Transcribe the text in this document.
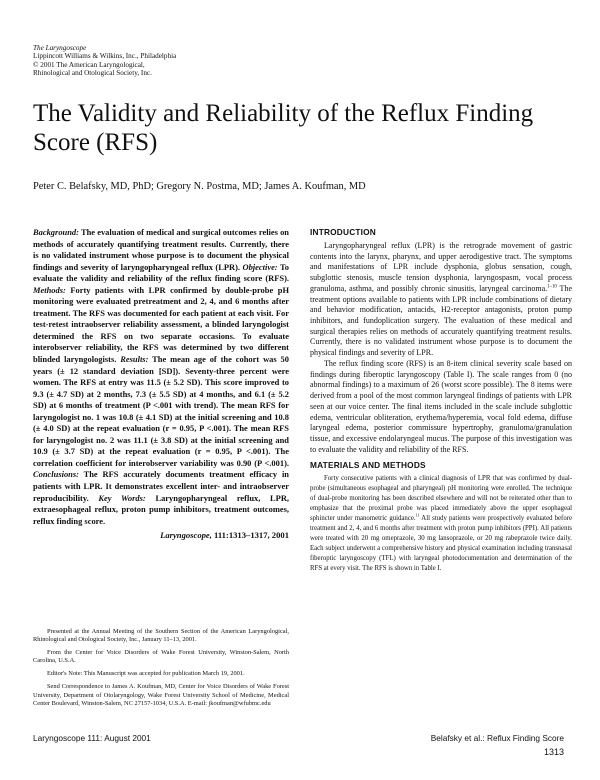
The Laryngoscope
Lippincott Williams & Wilkins, Inc., Philadelphia
© 2001 The American Laryngological,
Rhinological and Otological Society, Inc.
The Validity and Reliability of the Reflux Finding Score (RFS)
Peter C. Belafsky, MD, PhD; Gregory N. Postma, MD; James A. Koufman, MD

Background: The evaluation of medical and surgical outcomes relies on methods of accurately quantifying treatment results. Currently, there is no validated instrument whose purpose is to document the physical findings and severity of laryngopharyngeal reflux (LPR). Objective: To evaluate the validity and reliability of the reflux finding score (RFS). Methods: Forty patients with LPR confirmed by double-probe pH monitoring were evaluated pretreatment and 2, 4, and 6 months after treatment. The RFS was documented for each patient at each visit. For test-retest intraobserver reliability assessment, a blinded laryngologist determined the RFS on two separate occasions. To evaluate interobserver reliability, the RFS was determined by two different blinded laryngologists. Results: The mean age of the cohort was 50 years (± 12 standard deviation [SD]). Seventy-three percent were women. The RFS at entry was 11.5 (± 5.2 SD). This score improved to 9.3 (± 4.7 SD) at 2 months, 7.3 (± 5.5 SD) at 4 months, and 6.1 (± 5.2 SD) at 6 months of treatment (P <.001 with trend). The mean RFS for laryngologist no. 1 was 10.8 (± 4.1 SD) at the initial screening and 10.8 (± 4.0 SD) at the repeat evaluation (r = 0.95, P <.001). The mean RFS for laryngologist no. 2 was 11.1 (± 3.8 SD) at the initial screening and 10.9 (± 3.7 SD) at the repeat evaluation (r = 0.95, P <.001). The correlation coefficient for interobserver variability was 0.90 (P <.001). Conclusions: The RFS accurately documents treatment efficacy in patients with LPR. It demonstrates excellent inter- and intraobserver reproducibility. Key Words: Laryngopharyngeal reflux, LPR, extraesophageal reflux, proton pump inhibitors, treatment outcomes, reflux finding score.

Laryngoscope, 111:1313–1317, 2001

Presented at the Annual Meeting of the Southern Section of the American Laryngological, Rhinological and Otological Society, Inc., January 11–13, 2001.

From the Center for Voice Disorders of Wake Forest University, Winston-Salem, North Carolina, U.S.A.

Editor's Note: This Manuscript was accepted for publication March 19, 2001.

Send Correspondence to James A. Koufman, MD, Center for Voice Disorders of Wake Forest University, Department of Otolaryngology, Wake Forest University School of Medicine, Medical Center Boulevard, Winston-Salem, NC 27157-1034, U.S.A. E-mail: jkoufman@wfubmc.edu

INTRODUCTION

Laryngopharyngeal reflux (LPR) is the retrograde movement of gastric contents into the larynx, pharynx, and upper aerodigestive tract. The symptoms and manifestations of LPR include dysphonia, globus sensation, cough, subglottic stenosis, muscle tension dysphonia, laryngospasm, vocal process granuloma, asthma, and possibly chronic sinusitis, laryngeal carcinoma.$^{1-10}$ The treatment options available to patients with LPR include combinations of dietary and behavior modification, antacids, H2-receptor antagonists, proton pump inhibitors, and fundoplication surgery. The evaluation of these medical and surgical therapies relies on methods of accurately quantifying treatment results. Currently, there is no validated instrument whose purpose is to document the physical findings and severity of LPR.

The reflux finding score (RFS) is an 8-item clinical severity scale based on findings during fiberoptic laryngoscopy (Table I). The scale ranges from 0 (no abnormal findings) to a maximum of 26 (worst score possible). The 8 items were derived from a pool of the most common laryngeal findings of patients with LPR seen at our voice center. The final items included in the scale include subglottic edema, ventricular obliteration, erythema/hyperemia, vocal fold edema, diffuse laryngeal edema, posterior commissure hypertrophy, granuloma/granulation tissue, and excessive endolaryngeal mucus. The purpose of this investigation was to evaluate the validity and reliability of the RFS.

MATERIALS AND METHODS

Forty consecutive patients with a clinical diagnosis of LPR that was confirmed by dual-probe (simultaneous esophageal and pharyngeal) pH monitoring were enrolled. The technique of dual-probe monitoring has been described elsewhere and will not be reiterated other than to emphasize that the proximal probe was placed immediately above the upper esophageal sphincter under manometric guidance.$^{11}$ All study patients were prospectively evaluated before treatment and 2, 4, and 6 months after treatment with proton pump inhibitors (PPI). All patients were treated with 20 mg omeprazole, 30 mg lansoprazole, or 20 mg rabeprazole twice daily. Each subject underwent a comprehensive history and physical examination including transnasal fiberoptic laryngoscopy (TFL) with laryngeal photodocumentation and determination of the RFS at every visit. The RFS is shown in Table I.

Laryngoscope 111: August 2001	Belafsky et al.: Reflux Finding Score
1313
